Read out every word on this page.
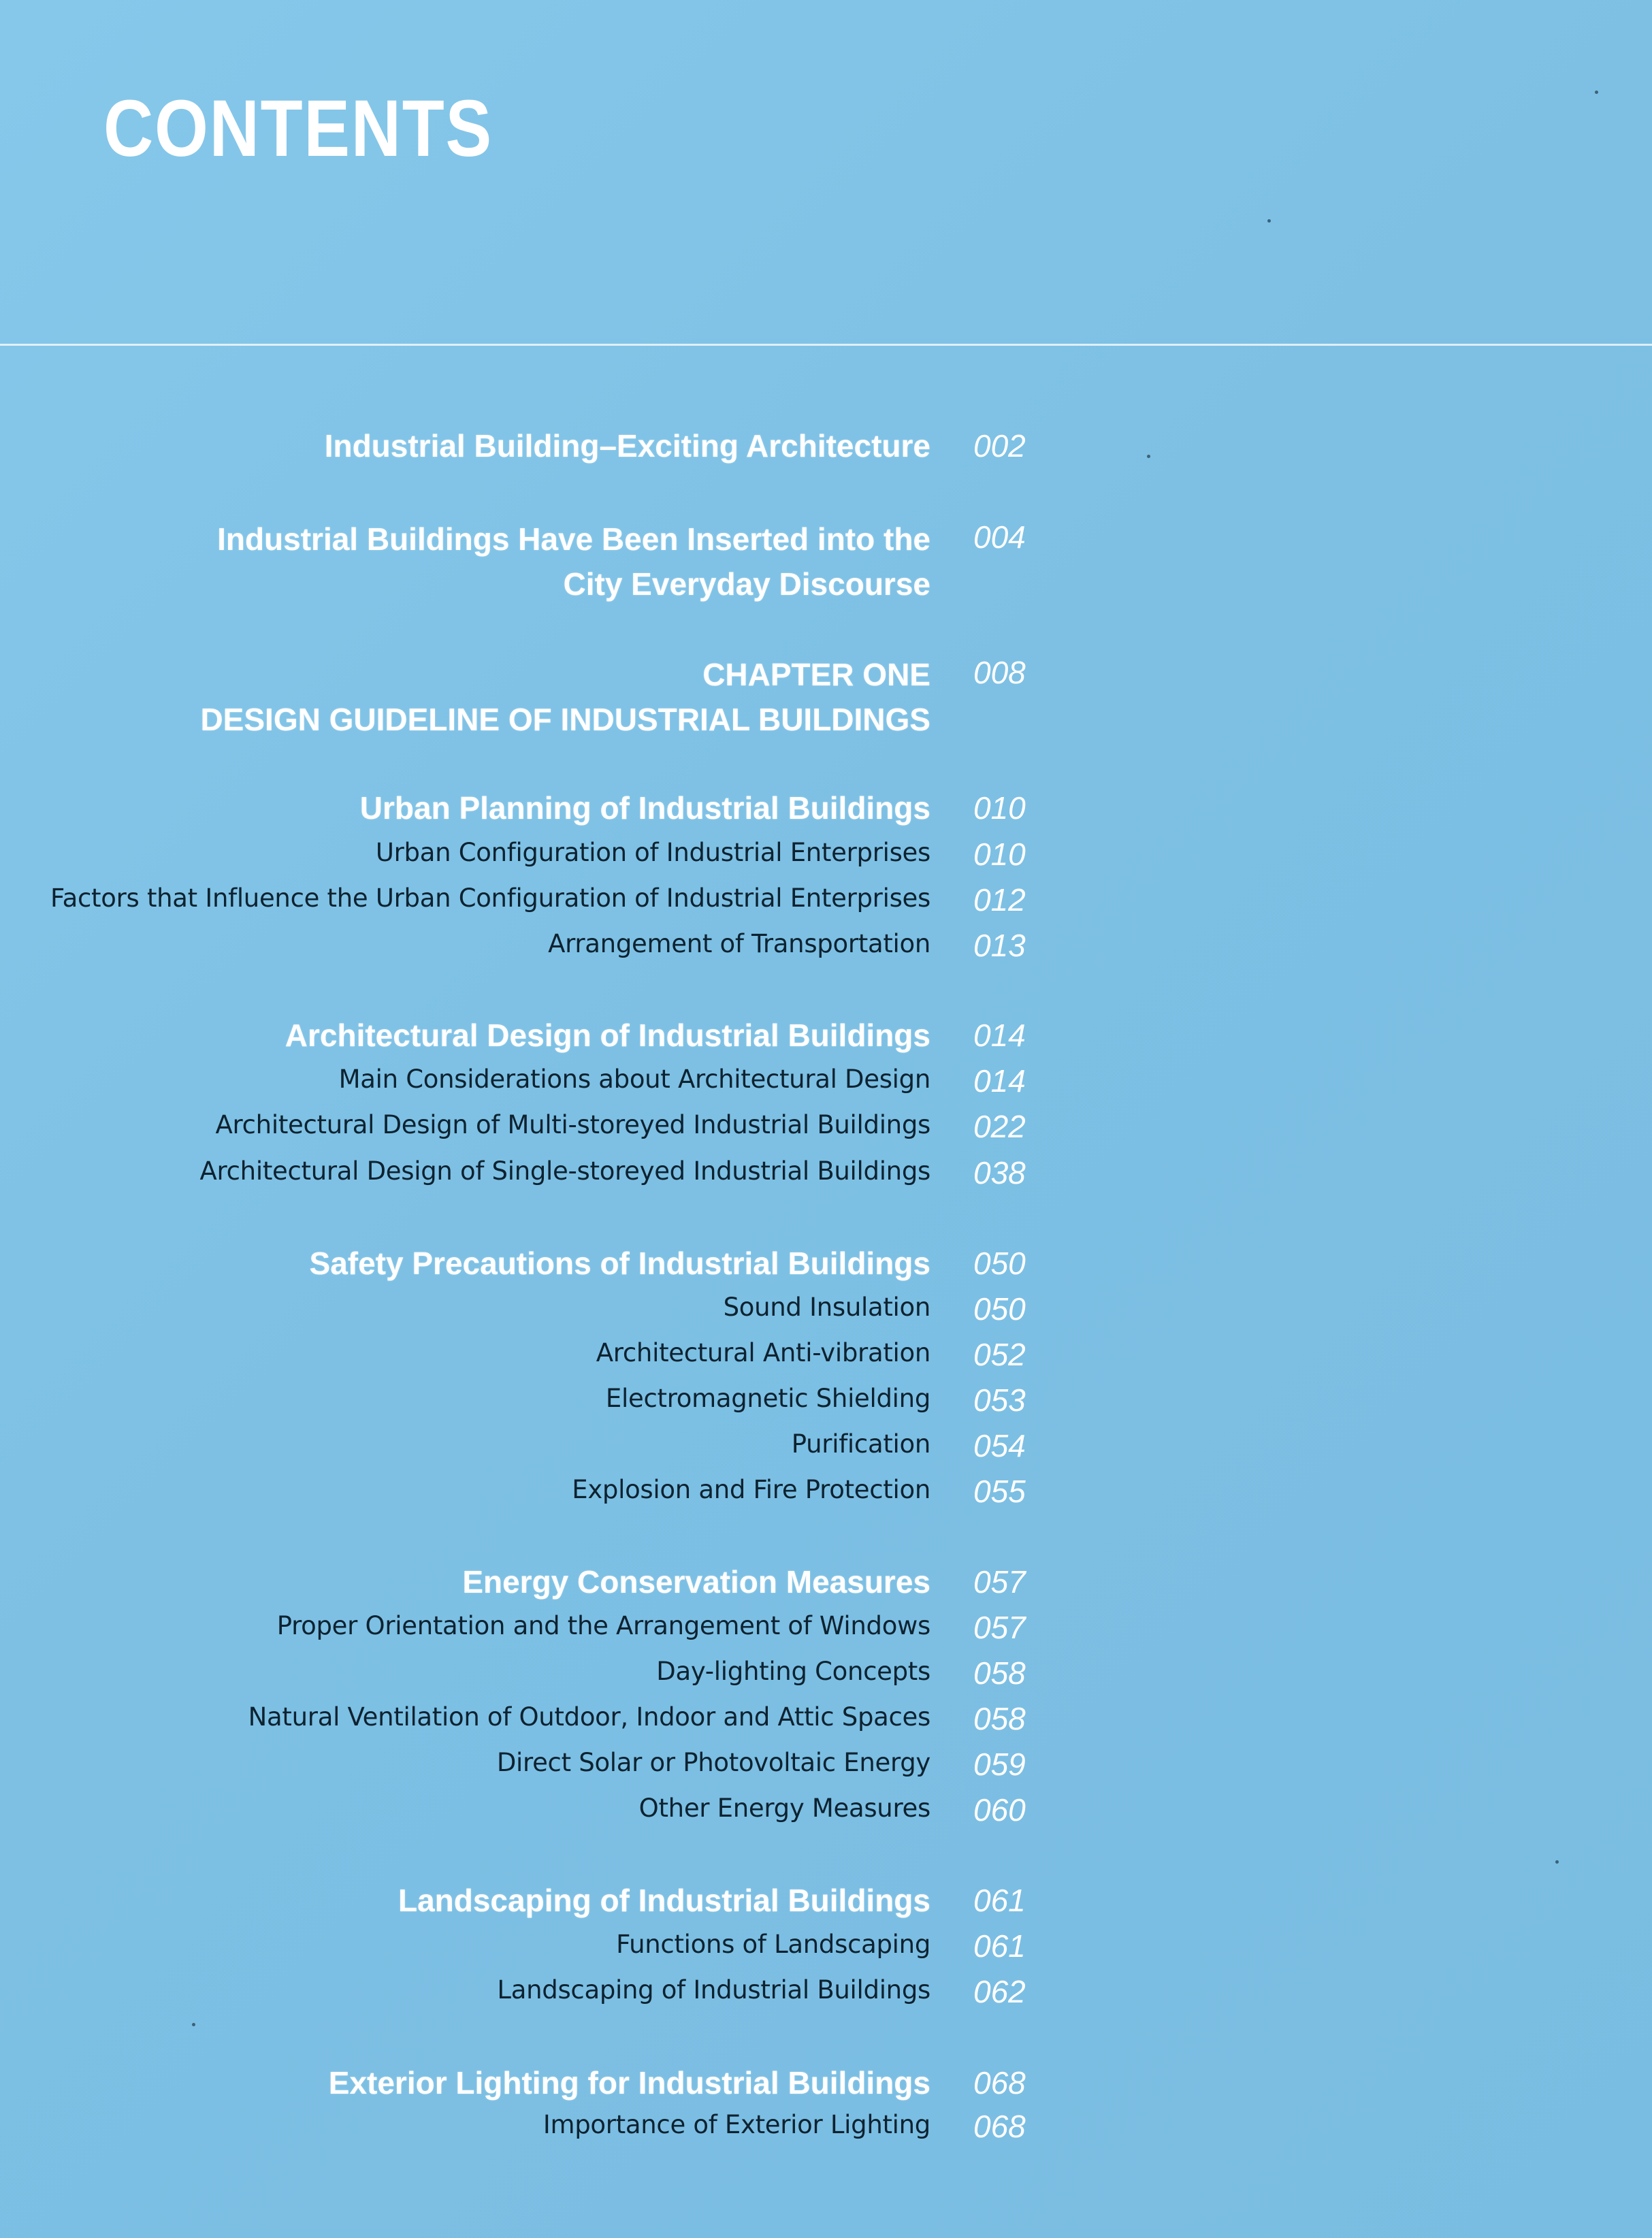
CONTENTS
Industrial Building–Exciting Architecture 002
Industrial Buildings Have Been Inserted into the
City Everyday Discourse
004
CHAPTER ONE
DESIGN GUIDELINE OF INDUSTRIAL BUILDINGS
008
Urban Planning of Industrial Buildings 010
Urban Configuration of Industrial Enterprises 010
Factors that Influence the Urban Configuration of Industrial Enterprises 012
Arrangement of Transportation 013
Architectural Design of Industrial Buildings 014
Main Considerations about Architectural Design 014
Architectural Design of Multi-storeyed Industrial Buildings 022
Architectural Design of Single-storeyed Industrial Buildings 038
Safety Precautions of Industrial Buildings 050
Sound Insulation 050
Architectural Anti-vibration 052
Electromagnetic Shielding 053
Purification 054
Explosion and Fire Protection 055
Energy Conservation Measures 057
Proper Orientation and the Arrangement of Windows 057
Day-lighting Concepts 058
Natural Ventilation of Outdoor, Indoor and Attic Spaces 058
Direct Solar or Photovoltaic Energy 059
Other Energy Measures 060
Landscaping of Industrial Buildings 061
Functions of Landscaping 061
Landscaping of Industrial Buildings 062
Exterior Lighting for Industrial Buildings 068
Importance of Exterior Lighting 068
